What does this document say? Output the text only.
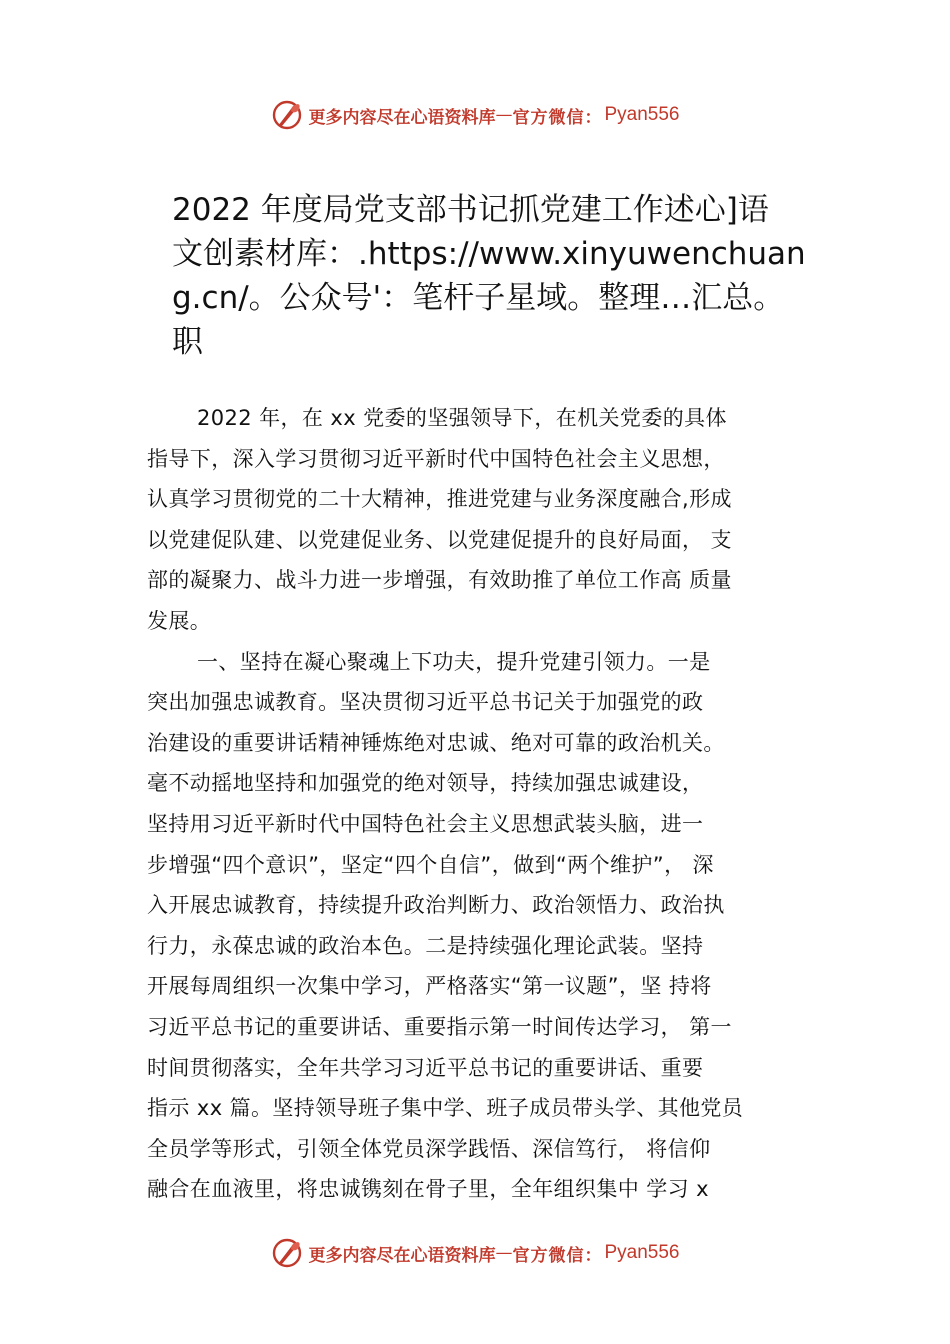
更多内容尽在心语资料库 — 官方微信： Pyan556
2022 年度局党支部书记抓党建工作述心]语
文创素材库：.https://www.xinyuwenchuan
g.cn/。公众号'：笔杆子星域。整理…汇总。
职
2022 年，在 xx 党委的坚强领导下，在机关党委的具体
指导下，深入学习贯彻习近平新时代中国特色社会主义思想，
认真学习贯彻党的二十大精神，推进党建与业务深度融合,形成
以党建促队建、以党建促业务、以党建促提升的良好局面， 支
部的凝聚力、战斗力进一步增强，有效助推了单位工作高 质量
发展。
一、坚持在凝心聚魂上下功夫，提升党建引领力。一是
突出加强忠诚教育。坚决贯彻习近平总书记关于加强党的政
治建设的重要讲话精神锤炼绝对忠诚、绝对可靠的政治机关。
毫不动摇地坚持和加强党的绝对领导，持续加强忠诚建设，
坚持用习近平新时代中国特色社会主义思想武装头脑，进一
步增强“四个意识”，坚定“四个自信”，做到“两个维护”， 深
入开展忠诚教育，持续提升政治判断力、政治领悟力、政治执
行力，永葆忠诚的政治本色。二是持续强化理论武装。坚持
开展每周组织一次集中学习，严格落实“第一议题”，坚 持将
习近平总书记的重要讲话、重要指示第一时间传达学习， 第一
时间贯彻落实，全年共学习习近平总书记的重要讲话、重要
指示 xx 篇。坚持领导班子集中学、班子成员带头学、其他党员
全员学等形式，引领全体党员深学践悟、深信笃行， 将信仰
融合在血液里，将忠诚镌刻在骨子里，全年组织集中 学习 x
更多内容尽在心语资料库 — 官方微信： Pyan556
